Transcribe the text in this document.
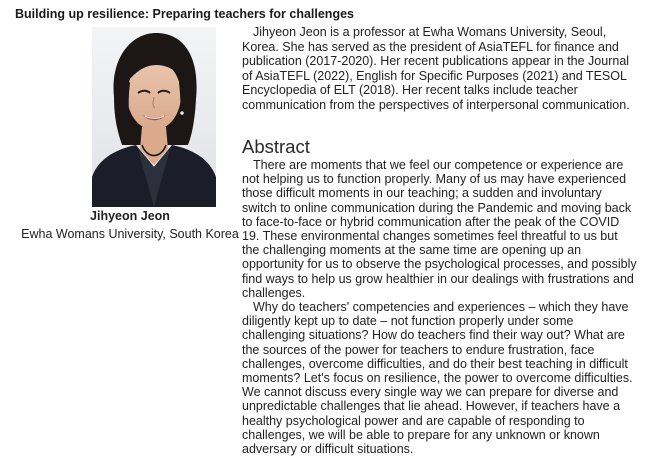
Building up resilience: Preparing teachers for challenges
Jihyeon Jeon
Ewha Womans University, South Korea

Jihyeon Jeon is a professor at Ewha Womans University, Seoul, Korea. She has served as the president of AsiaTEFL for finance and publication (2017-2020). Her recent publications appear in the Journal of AsiaTEFL (2022), English for Specific Purposes (2021) and TESOL Encyclopedia of ELT (2018). Her recent talks include teacher communication from the perspectives of interpersonal communication.

Abstract

There are moments that we feel our competence or experience are not helping us to function properly. Many of us may have experienced those difficult moments in our teaching; a sudden and involuntary switch to online communication during the Pandemic and moving back to face-to-face or hybrid communication after the peak of the COVID 19. These environmental changes sometimes feel threatful to us but the challenging moments at the same time are opening up an opportunity for us to observe the psychological processes, and possibly find ways to help us grow healthier in our dealings with frustrations and challenges.

Why do teachers' competencies and experiences – which they have diligently kept up to date – not function properly under some challenging situations? How do teachers find their way out? What are the sources of the power for teachers to endure frustration, face challenges, overcome difficulties, and do their best teaching in difficult moments? Let's focus on resilience, the power to overcome difficulties. We cannot discuss every single way we can prepare for diverse and unpredictable challenges that lie ahead. However, if teachers have a healthy psychological power and are capable of responding to challenges, we will be able to prepare for any unknown or known adversary or difficult situations.
